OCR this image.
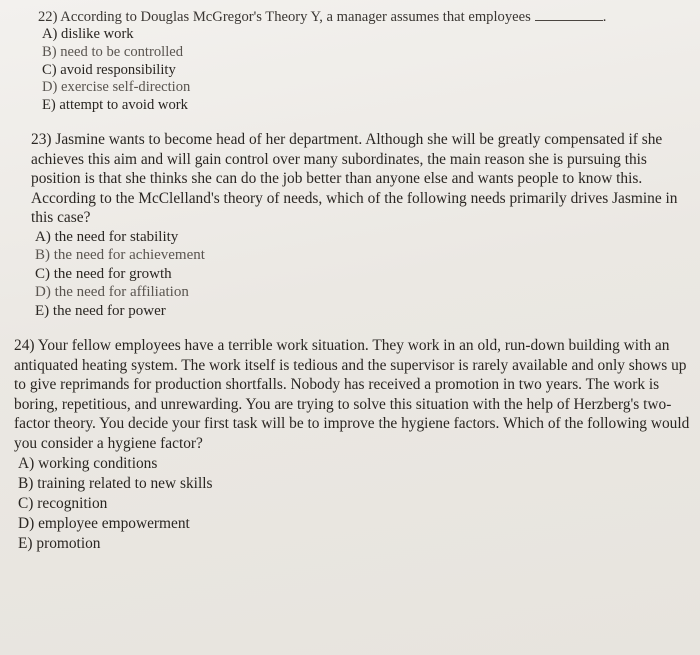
22) According to Douglas McGregor's Theory Y, a manager assumes that employees	.

A) dislike work
B) need to be controlled
C) avoid responsibility
D) exercise self-direction
E) attempt to avoid work

23) Jasmine wants to become head of her department. Although she will be greatly compensated if she achieves this aim and will gain control over many subordinates, the main reason she is pursuing this position is that she thinks she can do the job better than anyone else and wants people to know this. According to the McClelland's theory of needs, which of the following needs primarily drives Jasmine in this case?

A) the need for stability
B) the need for achievement
C) the need for growth
D) the need for affiliation
E) the need for power

24) Your fellow employees have a terrible work situation. They work in an old, run-down building with an antiquated heating system. The work itself is tedious and the supervisor is rarely available and only shows up to give reprimands for production shortfalls. Nobody has received a promotion in two years. The work is boring, repetitious, and unrewarding. You are trying to solve this situation with the help of Herzberg's two-factor theory. You decide your first task will be to improve the hygiene factors. Which of the following would you consider a hygiene factor?

A) working conditions
B) training related to new skills
C) recognition
D) employee empowerment
E) promotion
